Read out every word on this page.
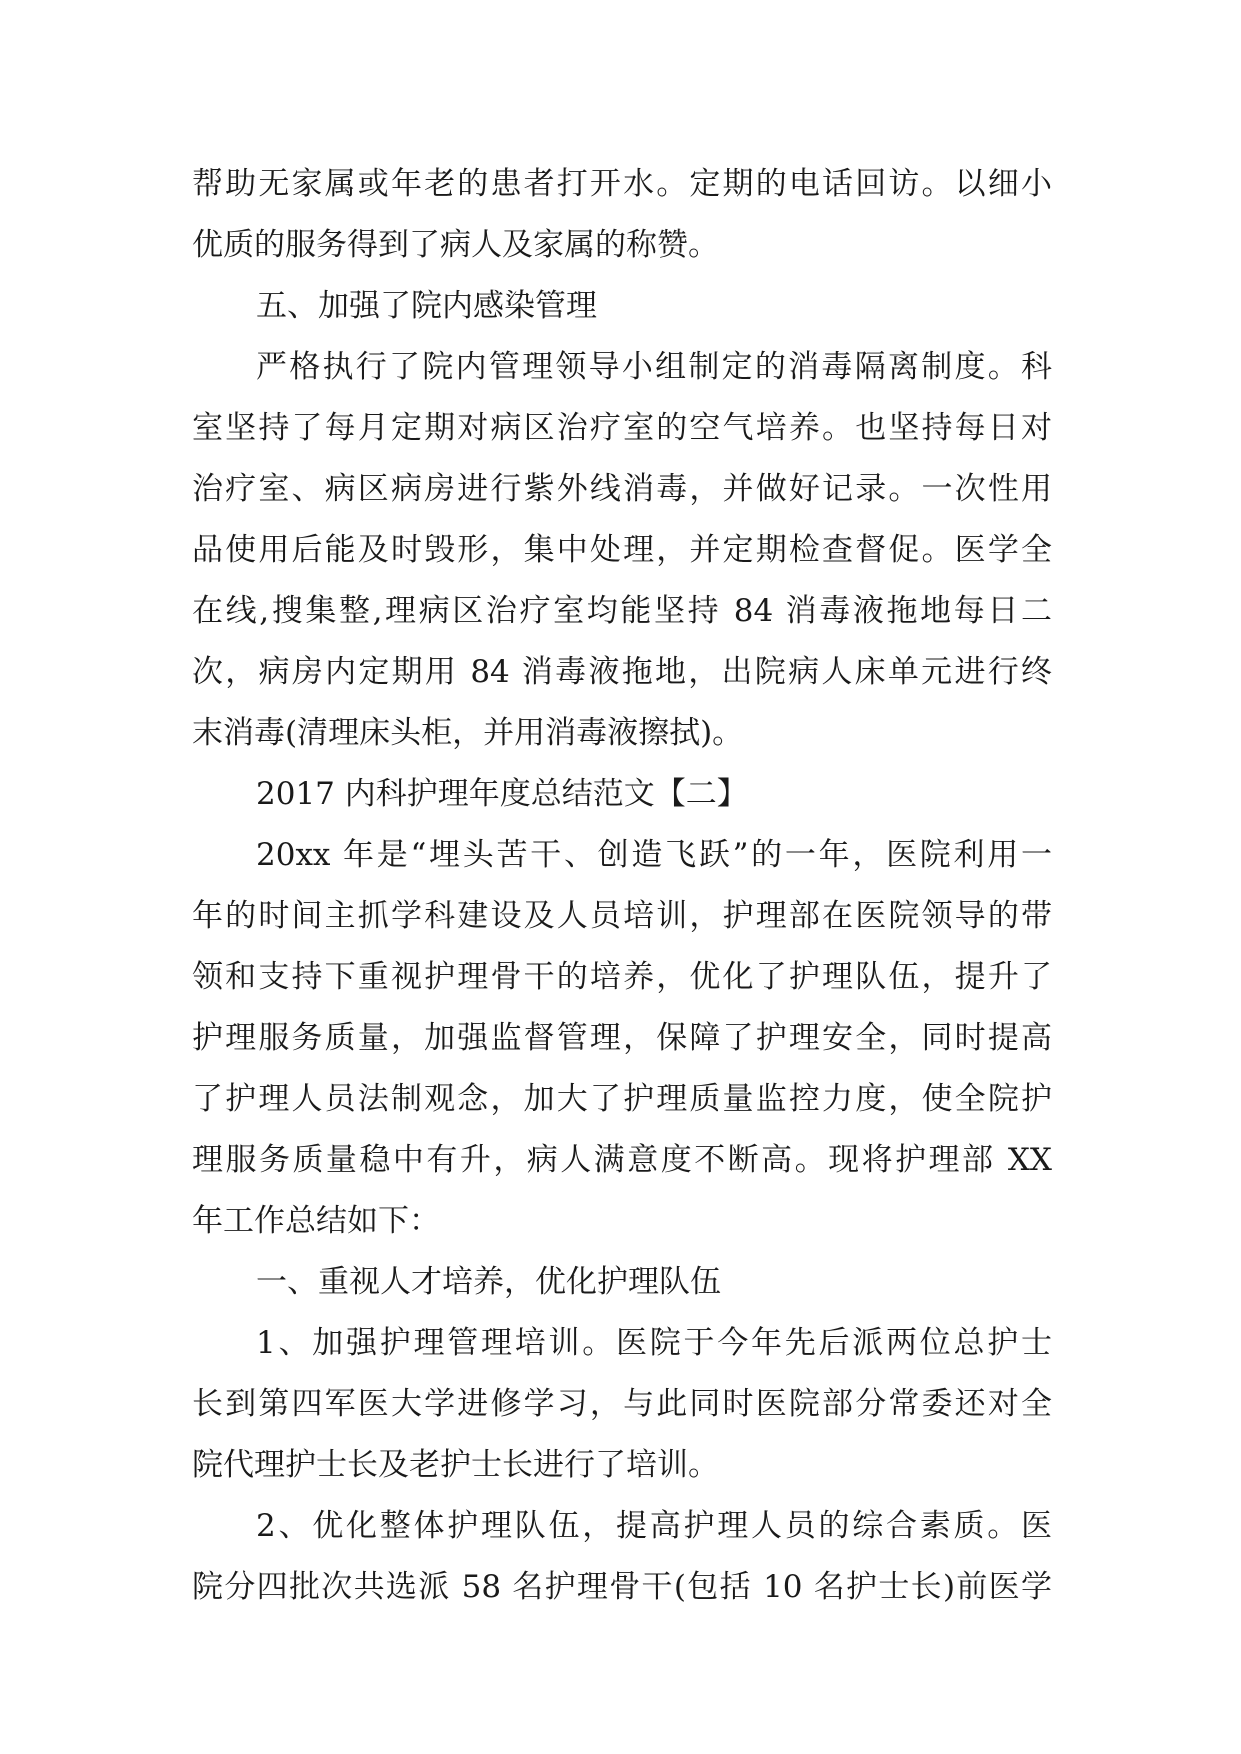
帮助无家属或年老的患者打开水。定期的电话回访。以细小
优质的服务得到了病人及家属的称赞。
五、加强了院内感染管理
严格执行了院内管理领导小组制定的消毒隔离制度。科
室坚持了每月定期对病区治疗室的空气培养。也坚持每日对
治疗室、病区病房进行紫外线消毒，并做好记录。一次性用
品使用后能及时毁形，集中处理，并定期检查督促。医学全
在线,搜集整,理病区治疗室均能坚持 84 消毒液拖地每日二
次，病房内定期用 84 消毒液拖地，出院病人床单元进行终
末消毒(清理床头柜，并用消毒液擦拭)。
2017 内科护理年度总结范文【二】
20xx 年是“埋头苦干、创造飞跃”的一年，医院利用一
年的时间主抓学科建设及人员培训，护理部在医院领导的带
领和支持下重视护理骨干的培养，优化了护理队伍，提升了
护理服务质量，加强监督管理，保障了护理安全，同时提高
了护理人员法制观念，加大了护理质量监控力度，使全院护
理服务质量稳中有升，病人满意度不断高。现将护理部 XX
年工作总结如下：
一、重视人才培养，优化护理队伍
1、加强护理管理培训。医院于今年先后派两位总护士
长到第四军医大学进修学习，与此同时医院部分常委还对全
院代理护士长及老护士长进行了培训。
2、优化整体护理队伍，提高护理人员的综合素质。医
院分四批次共选派 58 名护理骨干(包括 10 名护士长)前医学
